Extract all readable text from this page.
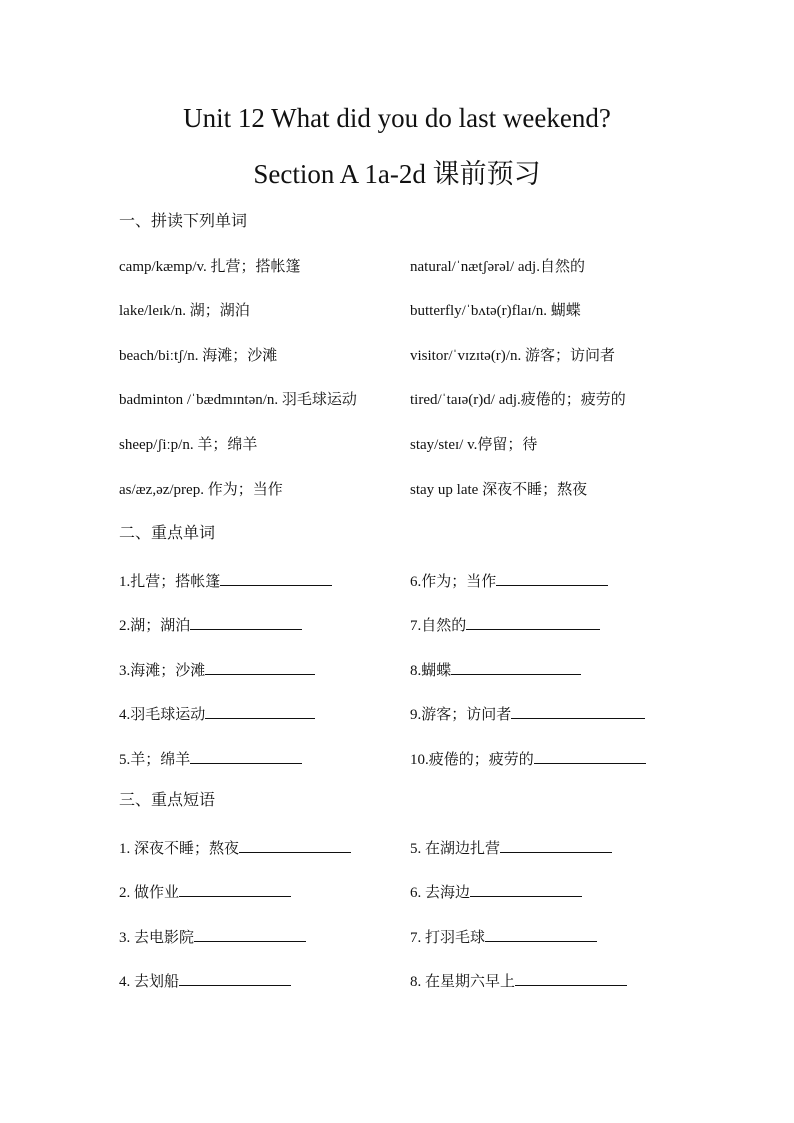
Unit 12 What did you do last weekend?
Section A 1a-2d 课前预习
一、拼读下列单词
camp/kæmp/v. 扎营；搭帐篷	natural/ˈnætʃərəl/ adj.自然的
lake/leɪk/n. 湖；湖泊	butterfly/ˈbʌtə(r)flaɪ/n. 蝴蝶
beach/biːtʃ/n. 海滩；沙滩	visitor/ˈvɪzɪtə(r)/n. 游客；访问者
badminton /ˈbædmɪntən/n. 羽毛球运动	tired/ˈtaɪə(r)d/ adj.疲倦的；疲劳的
sheep/ʃiːp/n. 羊；绵羊	stay/steɪ/ v.停留；待
as/æz,əz/prep. 作为；当作	stay up late 深夜不睡；熬夜
二、重点单词
1.扎营；搭帐篷	6.作为；当作
2.湖；湖泊	7.自然的
3.海滩；沙滩	8.蝴蝶
4.羽毛球运动	9.游客；访问者
5.羊；绵羊	10.疲倦的；疲劳的
三、重点短语
1. 深夜不睡；熬夜	5. 在湖边扎营
2. 做作业	6. 去海边
3. 去电影院	7. 打羽毛球
4. 去划船	8. 在星期六早上
